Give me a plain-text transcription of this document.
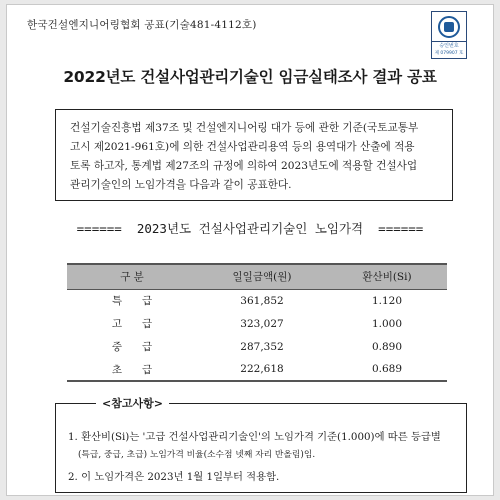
한국건설엔지니어링협회 공표(기술481-4112호)
승인번호
제 079907 호
2022년도 건설사업관리기술인 임금실태조사 결과 공표
건설기술진흥법 제37조 및 건설엔지니어링 대가 등에 관한 기준(국토교통부
고시 제2021-961호)에 의한 건설사업관리용역 등의 용역대가 산출에 적용
토록 하고자, 통계법 제27조의 규정에 의하여 2023년도에 적용할 건설사업
관리기술인의 노임가격을 다음과 같이 공표한다.
======  2023년도 건설사업관리기술인 노임가격  ======
구 분	일일금액(원)	환산비(Si)
특급	361,852	1.120
고급	323,027	1.000
중급	287,352	0.890
초급	222,618	0.689
<참고사항>

1. 환산비(Si)는 '고급 건설사업관리기술인'의 노임가격 기준(1.000)에 따른 등급별

(특급, 중급, 초급) 노임가격 비율(소수점 넷째 자리 반올림)임.

2. 이 노임가격은 2023년 1월 1일부터 적용함.
